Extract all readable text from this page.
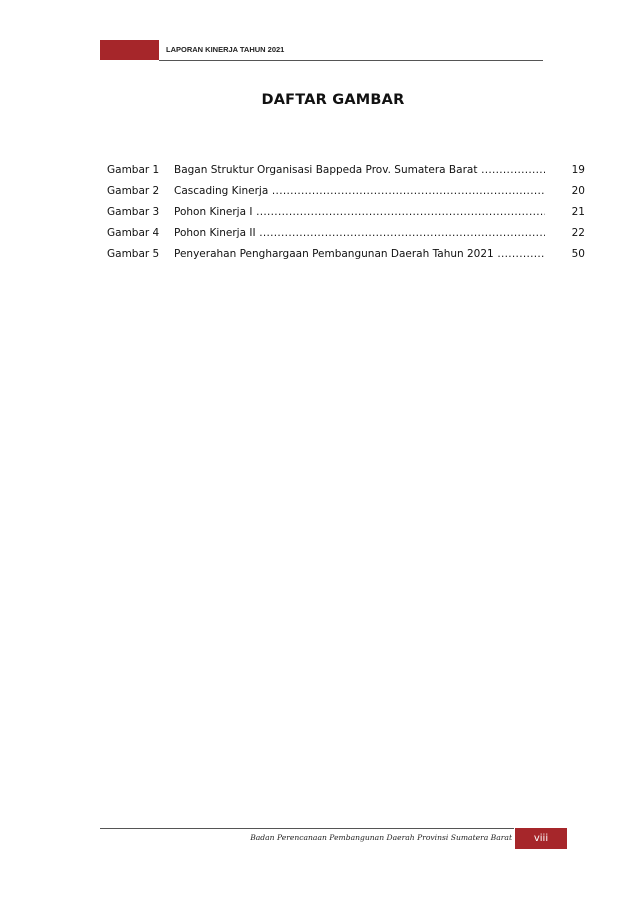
LAPORAN KINERJA TAHUN 2021
DAFTAR GAMBAR
Gambar 1 Bagan Struktur Organisasi Bappeda Prov. Sumatera Barat .....	19
Gambar 2 Cascading Kinerja .....	20
Gambar 3 Pohon Kinerja I .....	21
Gambar 4 Pohon Kinerja II .....	22
Gambar 5 Penyerahan Penghargaan Pembangunan Daerah Tahun 2021 .....	50
Badan Perencanaan Pembangunan Daerah Provinsi Sumatera Barat	viii
